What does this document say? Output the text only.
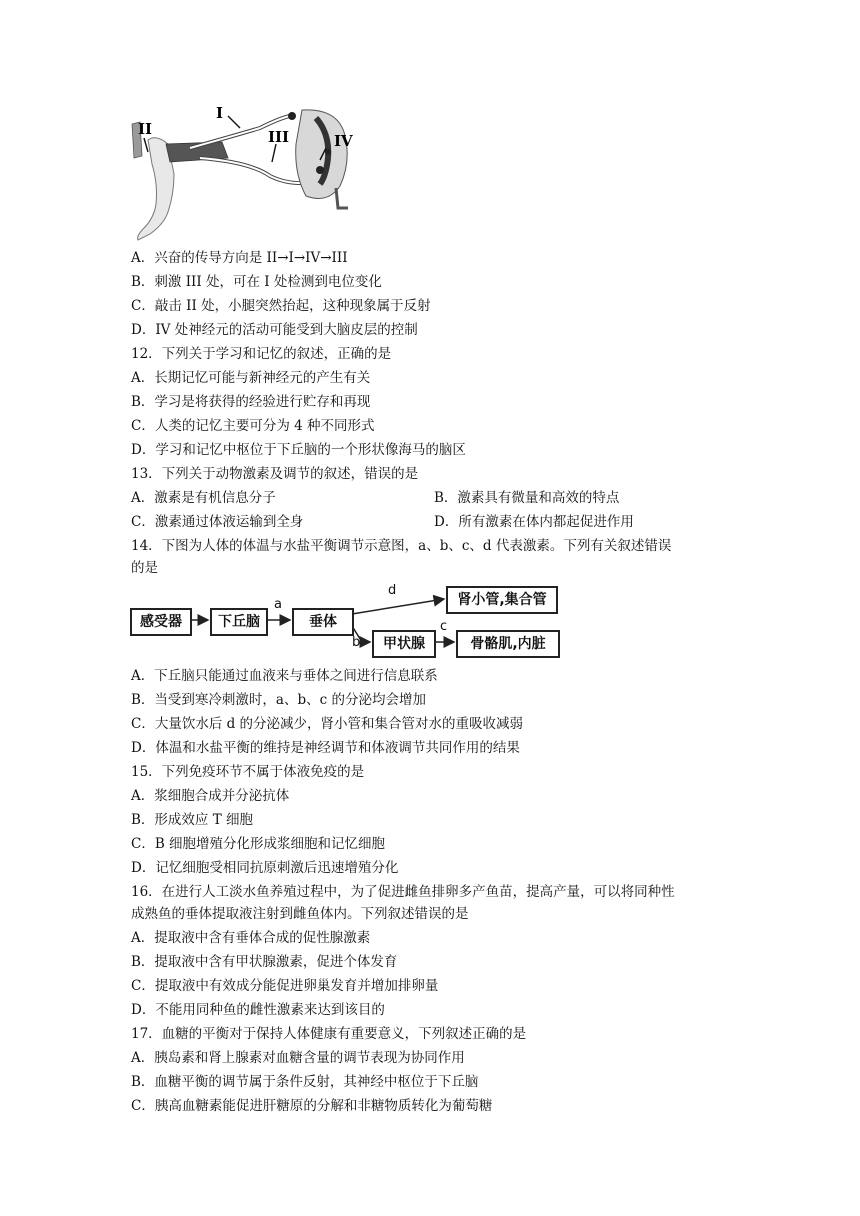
I
II	III	IV
A．兴奋的传导方向是 II→I→IV→III
B．刺激 III 处，可在 I 处检测到电位变化
C．敲击 II 处，小腿突然抬起，这种现象属于反射
D．IV 处神经元的活动可能受到大脑皮层的控制
12．下列关于学习和记忆的叙述，正确的是
A．长期记忆可能与新神经元的产生有关
B．学习是将获得的经验进行贮存和再现
C．人类的记忆主要可分为 4 种不同形式
D．学习和记忆中枢位于下丘脑的一个形状像海马的脑区
13．下列关于动物激素及调节的叙述，错误的是
A．激素是有机信息分子	B．激素具有微量和高效的特点
C．激素通过体液运输到全身	D．所有激素在体内都起促进作用
14．下图为人体的体温与水盐平衡调节示意图，a、b、c、d 代表激素。下列有关叙述错误
的是
感受器	下丘脑	垂体
肾小管,集合管
甲状腺	骨骼肌,内脏
a
b
c
d
A．下丘脑只能通过血液来与垂体之间进行信息联系
B．当受到寒冷刺激时，a、b、c 的分泌均会增加
C．大量饮水后 d 的分泌减少，肾小管和集合管对水的重吸收减弱
D．体温和水盐平衡的维持是神经调节和体液调节共同作用的结果
15．下列免疫环节不属于体液免疫的是
A．浆细胞合成并分泌抗体
B．形成效应 T 细胞
C．B 细胞增殖分化形成浆细胞和记忆细胞
D．记忆细胞受相同抗原刺激后迅速增殖分化
16．在进行人工淡水鱼养殖过程中，为了促进雌鱼排卵多产鱼苗，提高产量，可以将同种性
成熟鱼的垂体提取液注射到雌鱼体内。下列叙述错误的是
A．提取液中含有垂体合成的促性腺激素
B．提取液中含有甲状腺激素，促进个体发育
C．提取液中有效成分能促进卵巢发育并增加排卵量
D．不能用同种鱼的雌性激素来达到该目的
17．血糖的平衡对于保持人体健康有重要意义，下列叙述正确的是
A．胰岛素和肾上腺素对血糖含量的调节表现为协同作用
B．血糖平衡的调节属于条件反射，其神经中枢位于下丘脑
C．胰高血糖素能促进肝糖原的分解和非糖物质转化为葡萄糖
